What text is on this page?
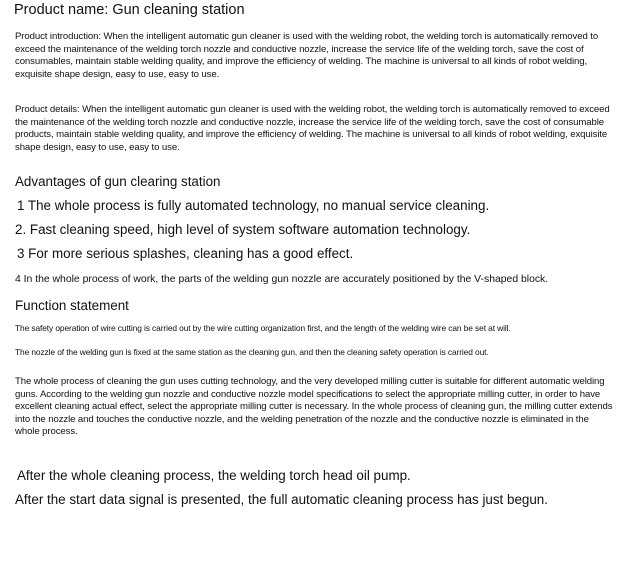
Product name: Gun cleaning station
Product introduction: When the intelligent automatic gun cleaner is used with the welding robot, the welding torch is automatically removed to exceed the maintenance of the welding torch nozzle and conductive nozzle, increase the service life of the welding torch, save the cost of consumables, maintain stable welding quality, and improve the efficiency of welding. The machine is universal to all kinds of robot welding, exquisite shape design, easy to use, easy to use.
Product details: When the intelligent automatic gun cleaner is used with the welding robot, the welding torch is automatically removed to exceed the maintenance of the welding torch nozzle and conductive nozzle, increase the service life of the welding torch, save the cost of consumable products, maintain stable welding quality, and improve the efficiency of welding. The machine is universal to all kinds of robot welding, exquisite shape design, easy to use, easy to use.
Advantages of gun clearing station
1 The whole process is fully automated technology, no manual service cleaning.
2. Fast cleaning speed, high level of system software automation technology.
3 For more serious splashes, cleaning has a good effect.
4 In the whole process of work, the parts of the welding gun nozzle are accurately positioned by the V-shaped block.
Function statement
The safety operation of wire cutting is carried out by the wire cutting organization first, and the length of the welding wire can be set at will.
The nozzle of the welding gun is fixed at the same station as the cleaning gun, and then the cleaning safety operation is carried out.
The whole process of cleaning the gun uses cutting technology, and the very developed milling cutter is suitable for different automatic welding guns. According to the welding gun nozzle and conductive nozzle model specifications to select the appropriate milling cutter, in order to have excellent cleaning actual effect, select the appropriate milling cutter is necessary. In the whole process of cleaning gun, the milling cutter extends into the nozzle and touches the conductive nozzle, and the welding penetration of the nozzle and the conductive nozzle is eliminated in the whole process.
After the whole cleaning process, the welding torch head oil pump.
After the start data signal is presented, the full automatic cleaning process has just begun.
